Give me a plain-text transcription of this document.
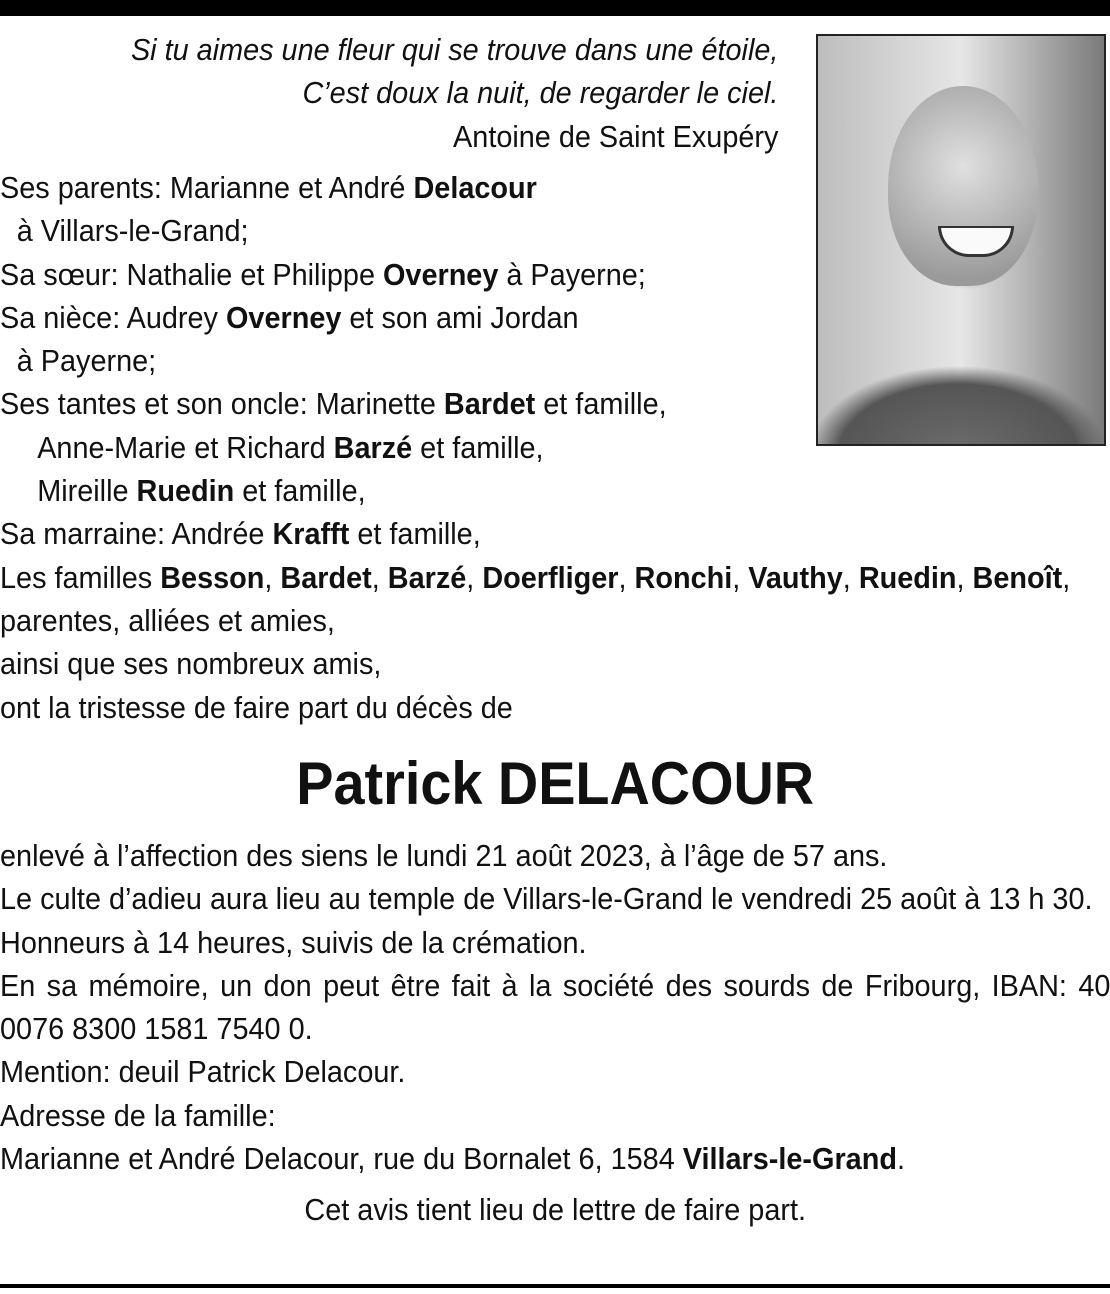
Si tu aimes une fleur qui se trouve dans une étoile,
C’est doux la nuit, de regarder le ciel.
Antoine de Saint Exupéry
Ses parents: Marianne et André Delacour
à Villars-le-Grand;
Sa sœur: Nathalie et Philippe Overney à Payerne;
Sa nièce: Audrey Overney et son ami Jordan
à Payerne;
Ses tantes et son oncle: Marinette Bardet et famille,
Anne-Marie et Richard Barzé et famille,
Mireille Ruedin et famille,
Sa marraine: Andrée Krafft et famille,
Les familles Besson, Bardet, Barzé, Doerfliger, Ronchi, Vauthy, Ruedin, Benoît,
parentes, alliées et amies,
ainsi que ses nombreux amis,
ont la tristesse de faire part du décès de
Patrick DELACOUR

enlevé à l’affection des siens le lundi 21 août 2023, à l’âge de 57 ans.

Le culte d’adieu aura lieu au temple de Villars-le-Grand le vendredi 25 août à 13 h 30.

Honneurs à 14 heures, suivis de la crémation.

En sa mémoire, un don peut être fait à la société des sourds de Fribourg, IBAN: 40 0076 8300 1581 7540 0.

Mention: deuil Patrick Delacour.

Adresse de la famille:

Marianne et André Delacour, rue du Bornalet 6, 1584 Villars-le-Grand.

Cet avis tient lieu de lettre de faire part.
